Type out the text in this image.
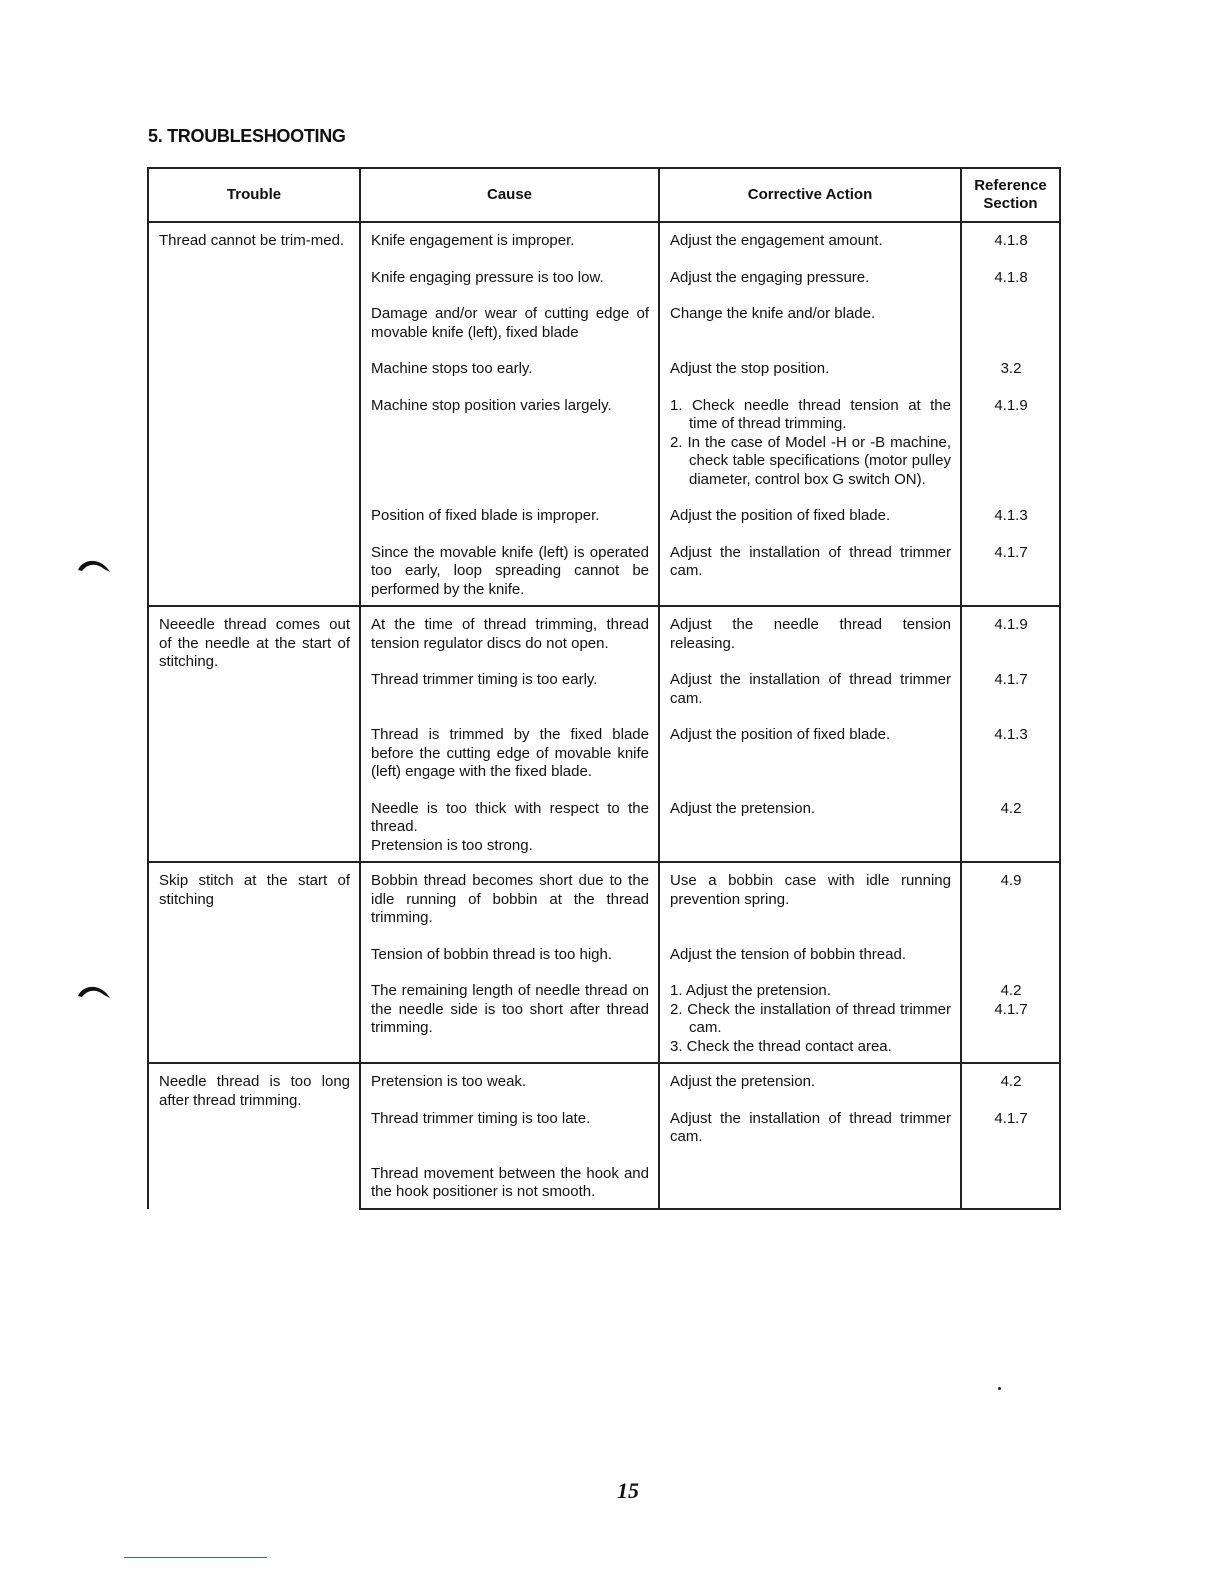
5. TROUBLESHOOTING
Trouble	Cause	Corrective Action	Reference
Section

Thread cannot be trim-med.	Knife engagement is improper.	Adjust the engagement amount.	4.1.8

	Knife engaging pressure is too low.	Adjust the engaging pressure.	4.1.8

	Damage and/or wear of cutting edge of movable knife (left), fixed blade	Change the knife and/or blade.	
	Machine stops too early.	Adjust the stop position.	3.2

	Machine stop position varies largely.	1. Check needle thread tension at the time of thread trimming.
2. In the case of Model -H or -B machine, check table specifications (motor pulley diameter, control box G switch ON).	4.1.9

	Position of fixed blade is improper.	Adjust the position of fixed blade.	4.1.3

	Since the movable knife (left) is operated too early, loop spreading cannot be performed by the knife.	Adjust the installation of thread trimmer cam.	4.1.7

Neeedle thread comes out of the needle at the start of stitching.	At the time of thread trimming, thread tension regulator discs do not open.	Adjust the needle thread tension releasing.	4.1.9

	Thread trimmer timing is too early.	Adjust the installation of thread trimmer cam.	4.1.7

	Thread is trimmed by the fixed blade before the cutting edge of movable knife (left) engage with the fixed blade.	Adjust the position of fixed blade.	4.1.3

	Needle is too thick with respect to the thread.
Pretension is too strong.	Adjust the pretension.	4.2

Skip stitch at the start of stitching	Bobbin thread becomes short due to the idle running of bobbin at the thread trimming.	Use a bobbin case with idle running prevention spring.	4.9

	Tension of bobbin thread is too high.	Adjust the tension of bobbin thread.	
	The remaining length of needle thread on the needle side is too short after thread trimming.	1. Adjust the pretension.
2. Check the installation of thread trimmer cam.
3. Check the thread contact area.	4.2
4.1.7

Needle thread is too long after thread trimming.	Pretension is too weak.	Adjust the pretension.	4.2

	Thread trimmer timing is too late.	Adjust the installation of thread trimmer cam.	4.1.7

	Thread movement between the hook and the hook positioner is not smooth.		
15
